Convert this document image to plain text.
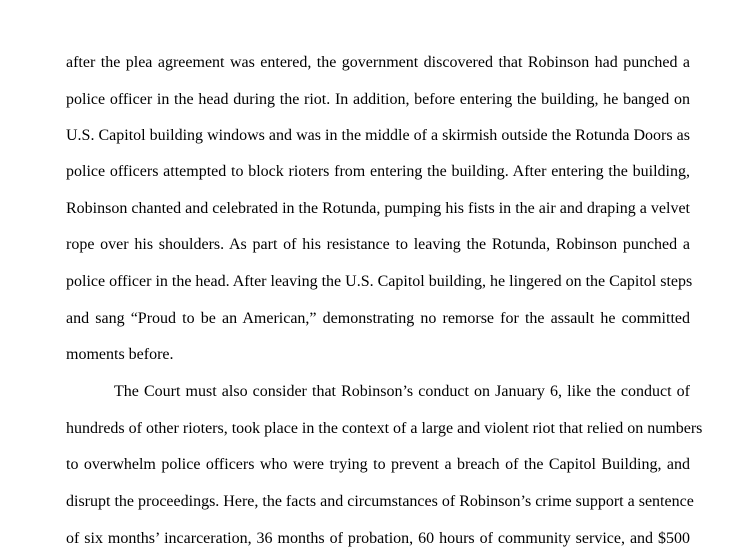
after the plea agreement was entered, the government discovered that Robinson had punched a
police officer in the head during the riot. In addition, before entering the building, he banged on
U.S. Capitol building windows and was in the middle of a skirmish outside the Rotunda Doors as
police officers attempted to block rioters from entering the building. After entering the building,
Robinson chanted and celebrated in the Rotunda, pumping his fists in the air and draping a velvet
rope over his shoulders. As part of his resistance to leaving the Rotunda, Robinson punched a
police officer in the head. After leaving the U.S. Capitol building, he lingered on the Capitol steps
and sang “Proud to be an American,” demonstrating no remorse for the assault he committed
moments before.
The Court must also consider that Robinson’s conduct on January 6, like the conduct of
hundreds of other rioters, took place in the context of a large and violent riot that relied on numbers
to overwhelm police officers who were trying to prevent a breach of the Capitol Building, and
disrupt the proceedings. Here, the facts and circumstances of Robinson’s crime support a sentence
of six months’ incarceration, 36 months of probation, 60 hours of community service, and $500
